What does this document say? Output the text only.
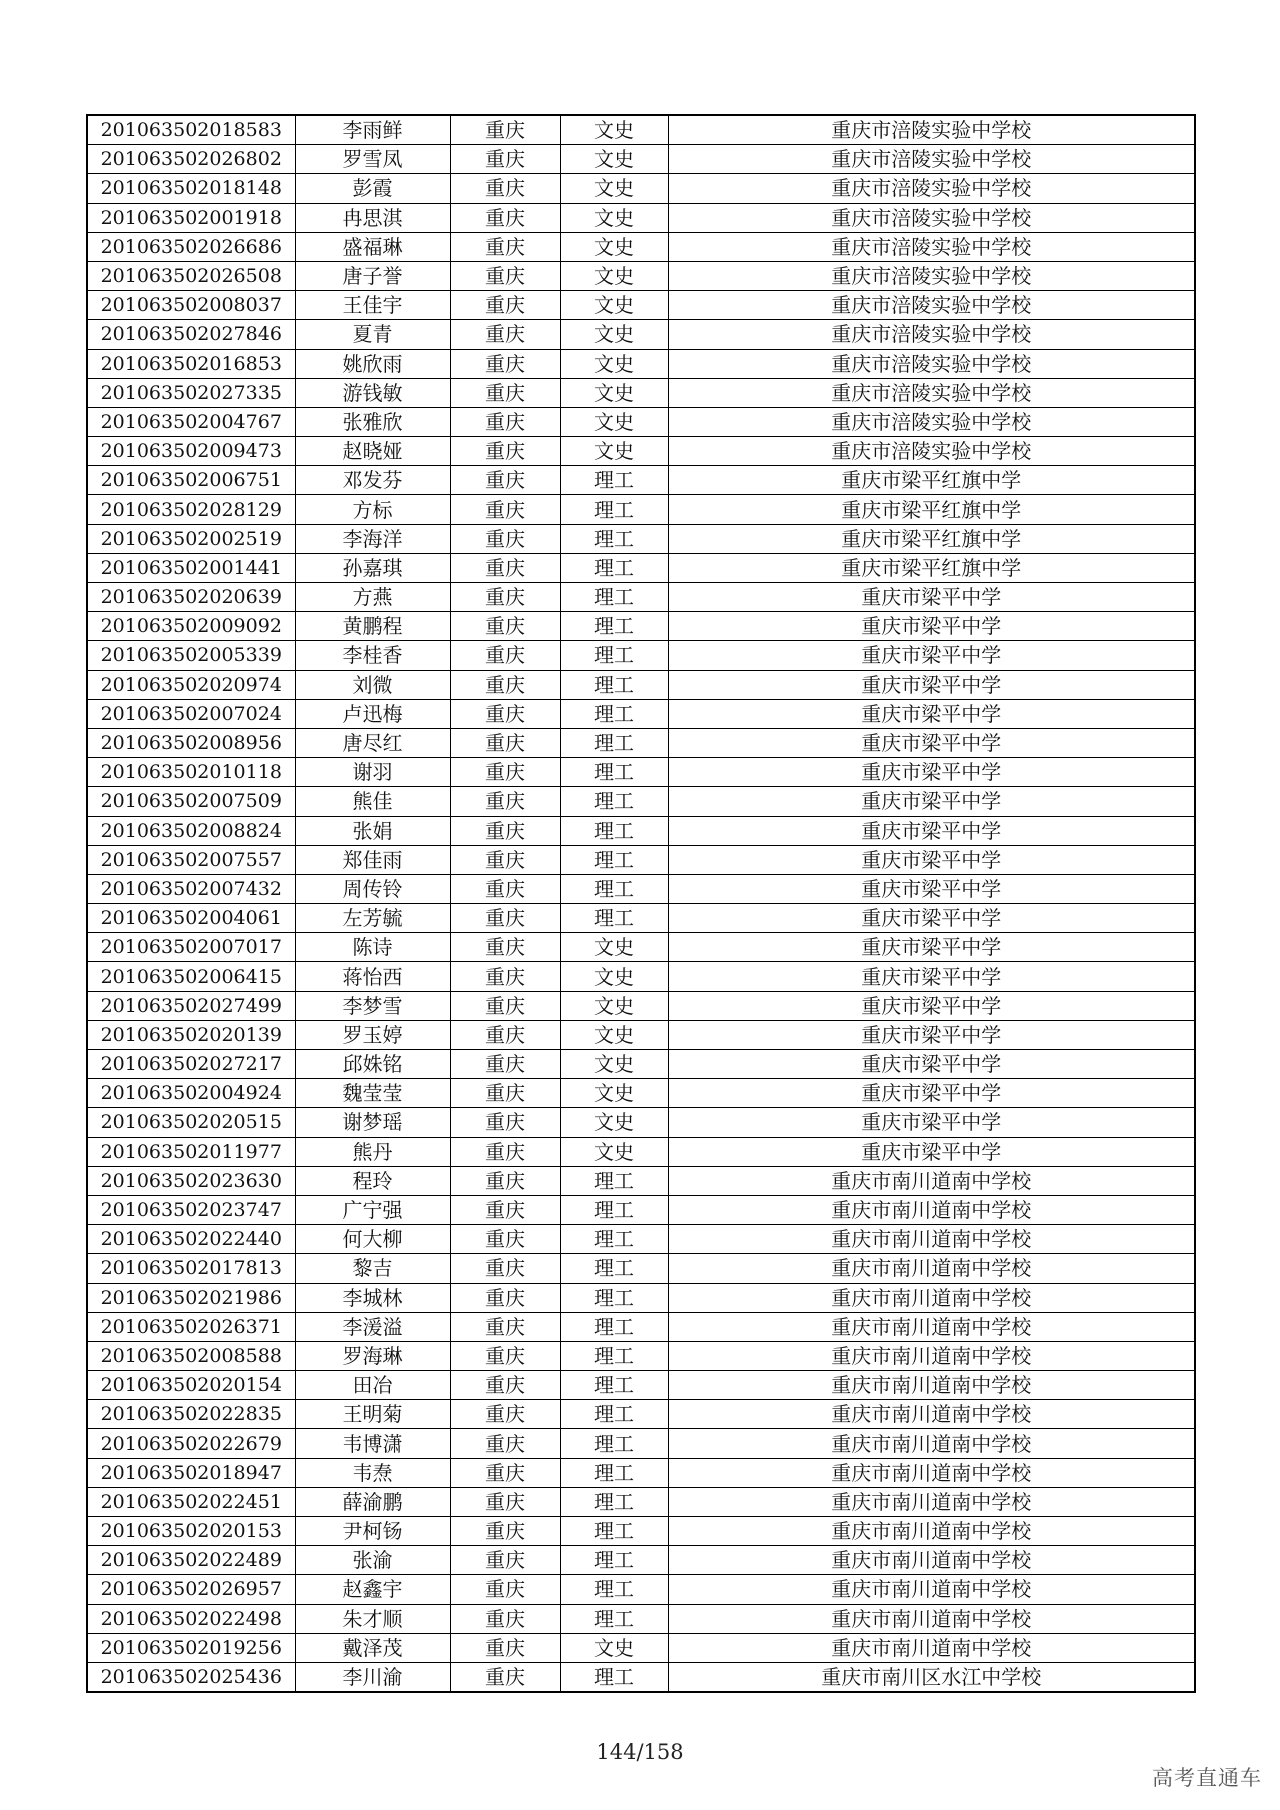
201063502018583	李雨鲜	重庆	文史	重庆市涪陵实验中学校
201063502026802	罗雪凤	重庆	文史	重庆市涪陵实验中学校
201063502018148	彭霞	重庆	文史	重庆市涪陵实验中学校
201063502001918	冉思淇	重庆	文史	重庆市涪陵实验中学校
201063502026686	盛福琳	重庆	文史	重庆市涪陵实验中学校
201063502026508	唐子誉	重庆	文史	重庆市涪陵实验中学校
201063502008037	王佳宇	重庆	文史	重庆市涪陵实验中学校
201063502027846	夏青	重庆	文史	重庆市涪陵实验中学校
201063502016853	姚欣雨	重庆	文史	重庆市涪陵实验中学校
201063502027335	游钱敏	重庆	文史	重庆市涪陵实验中学校
201063502004767	张雅欣	重庆	文史	重庆市涪陵实验中学校
201063502009473	赵晓娅	重庆	文史	重庆市涪陵实验中学校
201063502006751	邓发芬	重庆	理工	重庆市梁平红旗中学
201063502028129	方标	重庆	理工	重庆市梁平红旗中学
201063502002519	李海洋	重庆	理工	重庆市梁平红旗中学
201063502001441	孙嘉琪	重庆	理工	重庆市梁平红旗中学
201063502020639	方燕	重庆	理工	重庆市梁平中学
201063502009092	黄鹏程	重庆	理工	重庆市梁平中学
201063502005339	李桂香	重庆	理工	重庆市梁平中学
201063502020974	刘微	重庆	理工	重庆市梁平中学
201063502007024	卢迅梅	重庆	理工	重庆市梁平中学
201063502008956	唐尽红	重庆	理工	重庆市梁平中学
201063502010118	谢羽	重庆	理工	重庆市梁平中学
201063502007509	熊佳	重庆	理工	重庆市梁平中学
201063502008824	张娟	重庆	理工	重庆市梁平中学
201063502007557	郑佳雨	重庆	理工	重庆市梁平中学
201063502007432	周传铃	重庆	理工	重庆市梁平中学
201063502004061	左芳毓	重庆	理工	重庆市梁平中学
201063502007017	陈诗	重庆	文史	重庆市梁平中学
201063502006415	蒋怡西	重庆	文史	重庆市梁平中学
201063502027499	李梦雪	重庆	文史	重庆市梁平中学
201063502020139	罗玉婷	重庆	文史	重庆市梁平中学
201063502027217	邱姝铭	重庆	文史	重庆市梁平中学
201063502004924	魏莹莹	重庆	文史	重庆市梁平中学
201063502020515	谢梦瑶	重庆	文史	重庆市梁平中学
201063502011977	熊丹	重庆	文史	重庆市梁平中学
201063502023630	程玲	重庆	理工	重庆市南川道南中学校
201063502023747	广宁强	重庆	理工	重庆市南川道南中学校
201063502022440	何大柳	重庆	理工	重庆市南川道南中学校
201063502017813	黎吉	重庆	理工	重庆市南川道南中学校
201063502021986	李城林	重庆	理工	重庆市南川道南中学校
201063502026371	李湲溢	重庆	理工	重庆市南川道南中学校
201063502008588	罗海琳	重庆	理工	重庆市南川道南中学校
201063502020154	田冶	重庆	理工	重庆市南川道南中学校
201063502022835	王明菊	重庆	理工	重庆市南川道南中学校
201063502022679	韦博潇	重庆	理工	重庆市南川道南中学校
201063502018947	韦焘	重庆	理工	重庆市南川道南中学校
201063502022451	薛渝鹏	重庆	理工	重庆市南川道南中学校
201063502020153	尹柯钖	重庆	理工	重庆市南川道南中学校
201063502022489	张渝	重庆	理工	重庆市南川道南中学校
201063502026957	赵鑫宇	重庆	理工	重庆市南川道南中学校
201063502022498	朱才顺	重庆	理工	重庆市南川道南中学校
201063502019256	戴泽茂	重庆	文史	重庆市南川道南中学校
201063502025436	李川渝	重庆	理工	重庆市南川区水江中学校
144/158
高考直通车
